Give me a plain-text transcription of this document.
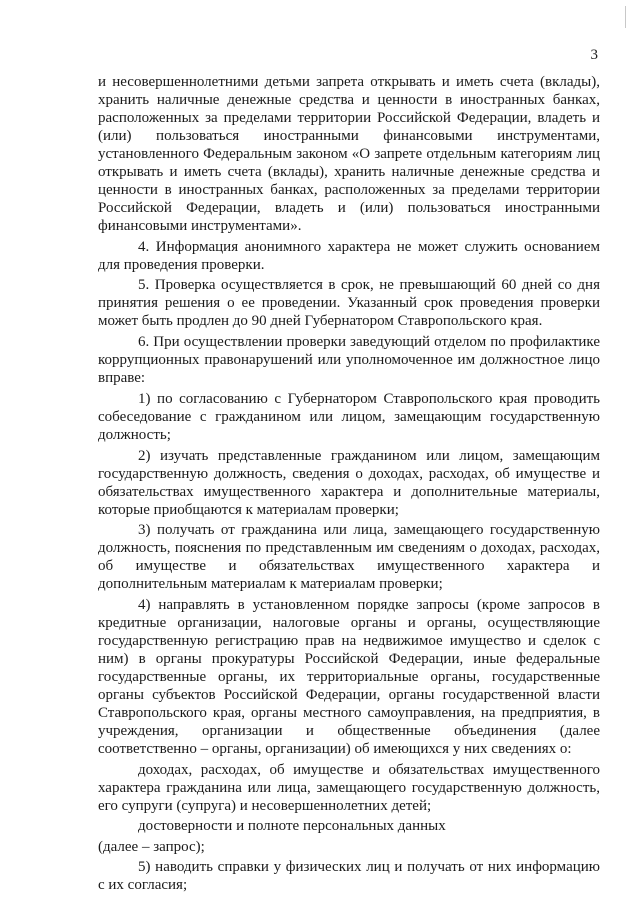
3

и несовершеннолетними детьми запрета открывать и иметь счета (вклады), хранить наличные денежные средства и ценности в иностранных банках, расположенных за пределами территории Российской Федерации, владеть и (или) пользоваться иностранными финансовыми инструментами, установленного Федеральным законом «О запрете отдельным категориям лиц открывать и иметь счета (вклады), хранить наличные денежные средства и ценности в иностранных банках, расположенных за пределами территории Российской Федерации, владеть и (или) пользоваться иностранными финансовыми инструментами».

4. Информация анонимного характера не может служить основанием для проведения проверки.

5. Проверка осуществляется в срок, не превышающий 60 дней со дня принятия решения о ее проведении. Указанный срок проведения проверки может быть продлен до 90 дней Губернатором Ставропольского края.

6. При осуществлении проверки заведующий отделом по профилактике коррупционных правонарушений или уполномоченное им должностное лицо вправе:

1) по согласованию с Губернатором Ставропольского края проводить собеседование с гражданином или лицом, замещающим государственную должность;

2) изучать представленные гражданином или лицом, замещающим государственную должность, сведения о доходах, расходах, об имуществе и обязательствах имущественного характера и дополнительные материалы, которые приобщаются к материалам проверки;

3) получать от гражданина или лица, замещающего государственную должность, пояснения по представленным им сведениям о доходах, расходах, об имуществе и обязательствах имущественного характера и дополнительным материалам к материалам проверки;

4) направлять в установленном порядке запросы (кроме запросов в кредитные организации, налоговые органы и органы, осуществляющие государственную регистрацию прав на недвижимое имущество и сделок с ним) в органы прокуратуры Российской Федерации, иные федеральные государственные органы, их территориальные органы, государственные органы субъектов Российской Федерации, органы государственной власти Ставропольского края, органы местного самоуправления, на предприятия, в учреждения, организации и общественные объединения (далее соответственно – органы, организации) об имеющихся у них сведениях о:

доходах, расходах, об имуществе и обязательствах имущественного характера гражданина или лица, замещающего государственную должность, его супруги (супруга) и несовершеннолетних детей;

достоверности и полноте персональных данных

(далее – запрос);

5) наводить справки у физических лиц и получать от них информацию с их согласия;
